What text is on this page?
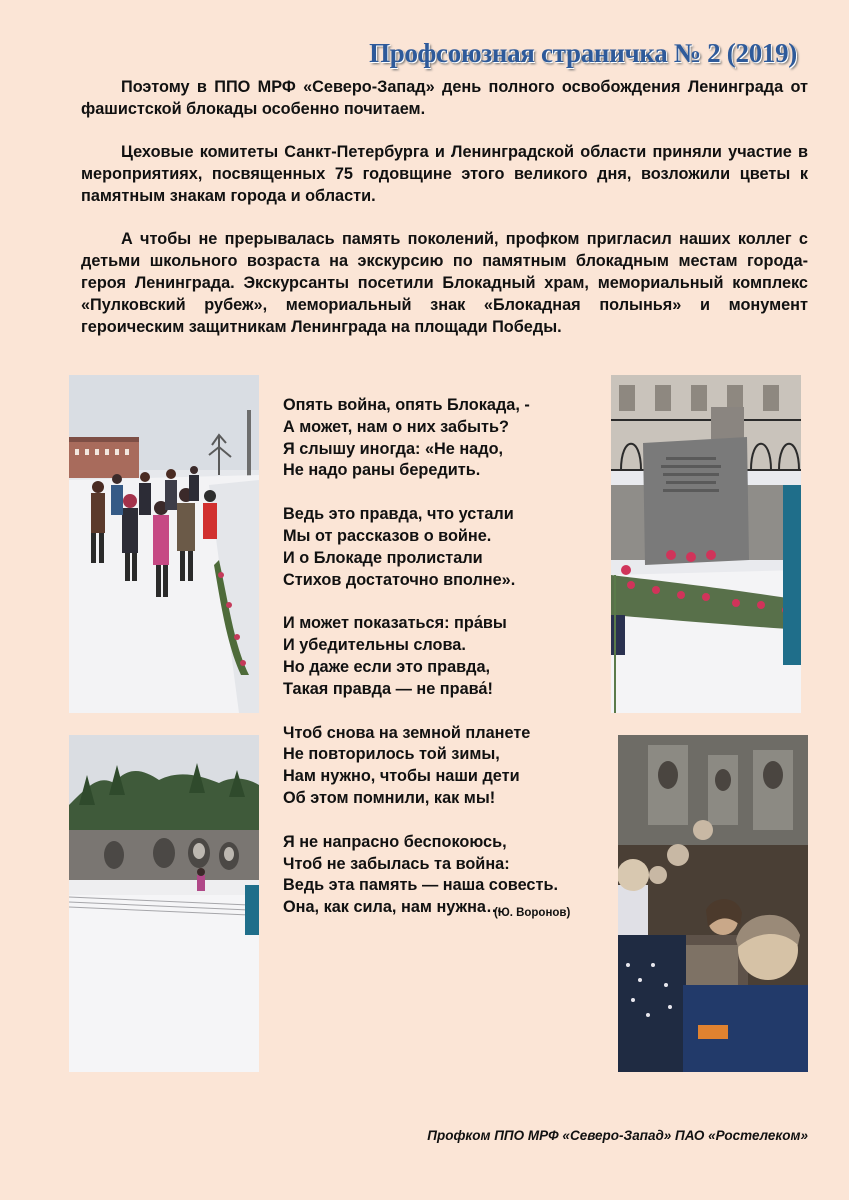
Профсоюзная страничка № 2 (2019)

Поэтому в ППО МРФ «Северо-Запад» день полного освобождения Ленинграда от фашистской блокады особенно почитаем.

Цеховые комитеты Санкт-Петербурга и Ленинградской области приняли участие в мероприятиях, посвященных 75 годовщине этого великого дня, возложили цветы к памятным знакам города и области.

А чтобы не прерывалась память поколений, профком пригласил наших коллег с детьми школьного возраста на экскурсию по памятным блокадным местам города-героя Ленинграда. Экскурсанты посетили Блокадный храм, мемориальный комплекс «Пулковский рубеж», мемориальный знак «Блокадная полынья» и монумент героическим защитникам Ленинграда на площади Победы.

Опять война, опять Блокада, -
А может, нам о них забыть?
Я слышу иногда: «Не надо,
Не надо раны бередить.
Ведь это правда, что устали
Мы от рассказов о войне.
И о Блокаде пролистали
Стихов достаточно вполне».
И может показаться: пра́вы
И убедительны слова.
Но даже если это правда,
Такая правда — не права́!
Чтоб снова на земной планете
Не повторилось той зимы,
Нам нужно, чтобы наши дети
Об этом помнили, как мы!
Я не напрасно беспокоюсь,
Чтоб не забылась та война:
Ведь эта память — наша совесть.
Она, как сила, нам нужна…
(Ю. Воронов)
Профком ППО МРФ «Северо-Запад» ПАО «Ростелеком»
